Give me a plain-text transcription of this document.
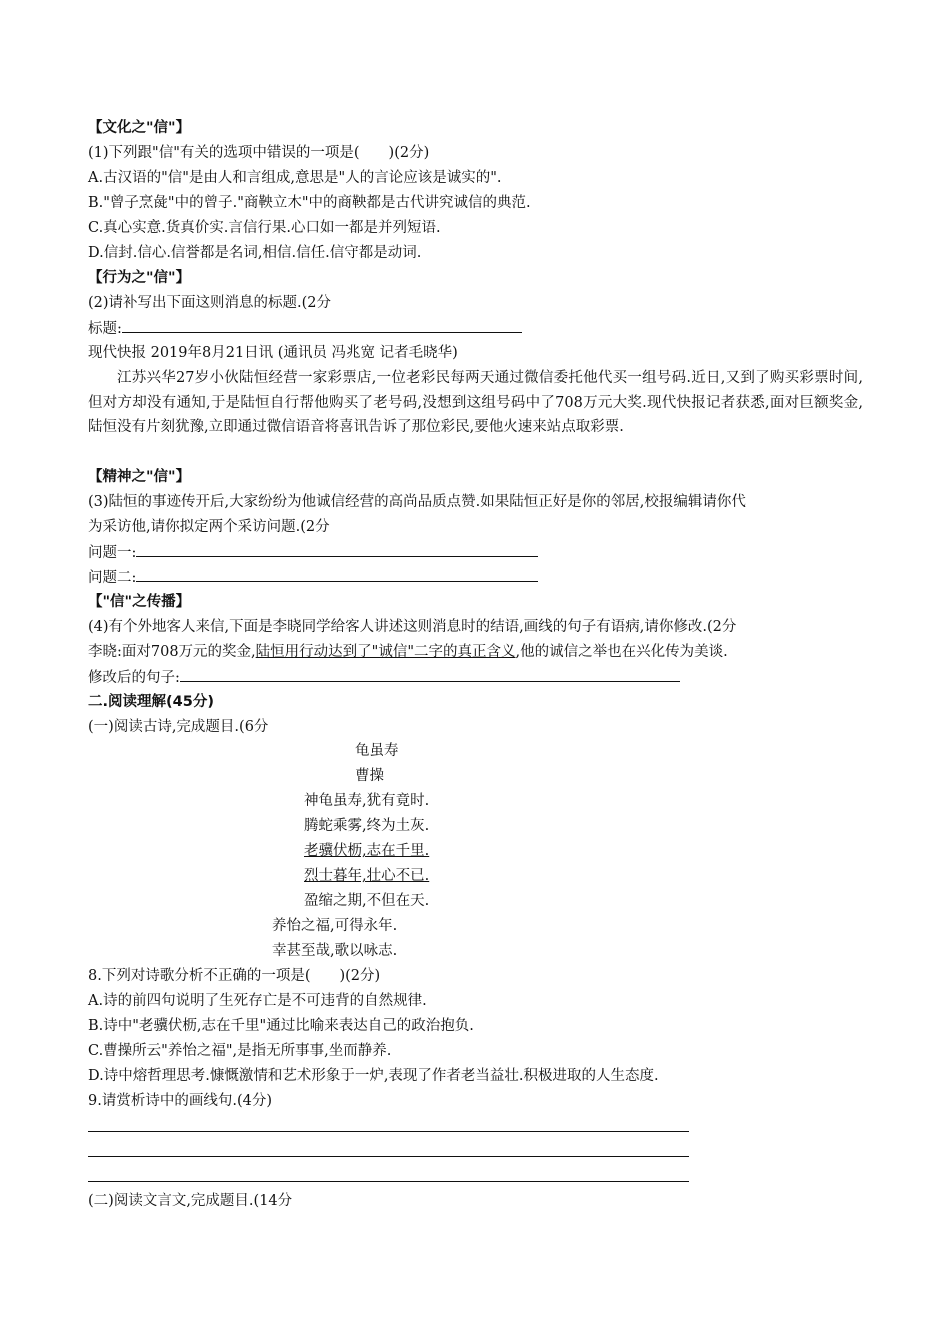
【文化之"信"】
(1)下列跟"信"有关的选项中错误的一项是(　　)(2分)
A.古汉语的"信"是由人和言组成,意思是"人的言论应该是诚实的".
B."曾子烹彘"中的曾子."商鞅立木"中的商鞅都是古代讲究诚信的典范.
C.真心实意.货真价实.言信行果.心口如一都是并列短语.
D.信封.信心.信誉都是名词,相信.信任.信守都是动词.
【行为之"信"】
(2)请补写出下面这则消息的标题.(2分
标题:
现代快报 2019年8月21日讯 (通讯员 冯兆宽 记者毛晓华)
江苏兴华27岁小伙陆恒经营一家彩票店,一位老彩民每两天通过微信委托他代买一组号码.近日,又到了购买彩票时间,但对方却没有通知,于是陆恒自行帮他购买了老号码,没想到这组号码中了708万元大奖.现代快报记者获悉,面对巨额奖金,陆恒没有片刻犹豫,立即通过微信语音将喜讯告诉了那位彩民,要他火速来站点取彩票.
【精神之"信"】
(3)陆恒的事迹传开后,大家纷纷为他诚信经营的高尚品质点赞.如果陆恒正好是你的邻居,校报编辑请你代
为采访他,请你拟定两个采访问题.(2分
问题一:
问题二:
【"信"之传播】
(4)有个外地客人来信,下面是李晓同学给客人讲述这则消息时的结语,画线的句子有语病,请你修改.(2分
李晓:面对708万元的奖金,陆恒用行动达到了"诚信"二字的真正含义,他的诚信之举也在兴化传为美谈.
修改后的句子:
二.阅读理解(45分)
(一)阅读古诗,完成题目.(6分
龟虽寿
曹操
神龟虽寿,犹有竟时.
腾蛇乘雾,终为土灰.
老骥伏枥,志在千里.
烈士暮年,壮心不已.
盈缩之期,不但在天.
养怡之福,可得永年.
幸甚至哉,歌以咏志.
8.下列对诗歌分析不正确的一项是(　　)(2分)
A.诗的前四句说明了生死存亡是不可违背的自然规律.
B.诗中"老骥伏枥,志在千里"通过比喻来表达自己的政治抱负.
C.曹操所云"养怡之福",是指无所事事,坐而静养.
D.诗中熔哲理思考.慷慨激情和艺术形象于一炉,表现了作者老当益壮.积极进取的人生态度.
9.请赏析诗中的画线句.(4分)
(二)阅读文言文,完成题目.(14分
